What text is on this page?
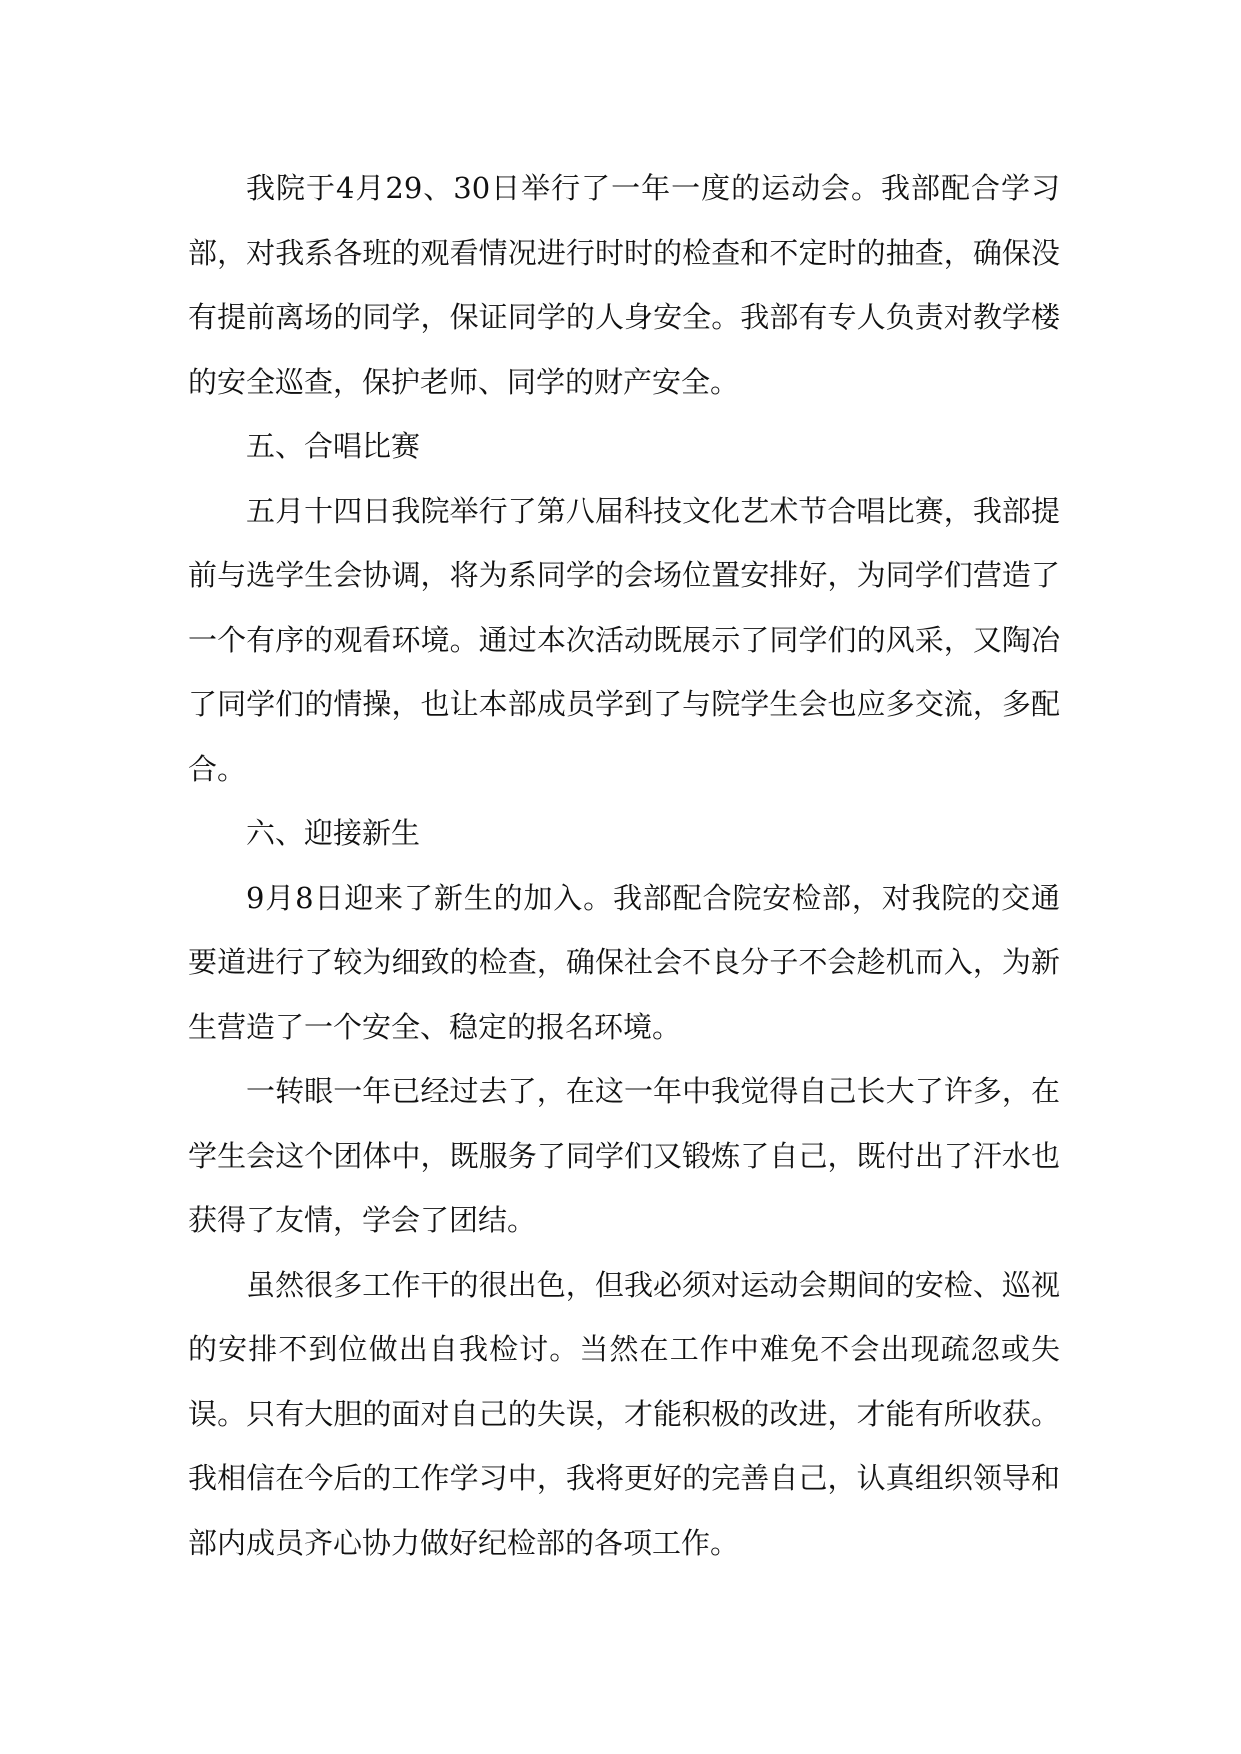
我院于4月29、30日举行了一年一度的运动会。我部配合学习部，对我系各班的观看情况进行时时的检查和不定时的抽查，确保没有提前离场的同学，保证同学的人身安全。我部有专人负责对教学楼的安全巡查，保护老师、同学的财产安全。

五、合唱比赛

五月十四日我院举行了第八届科技文化艺术节合唱比赛，我部提前与选学生会协调，将为系同学的会场位置安排好，为同学们营造了一个有序的观看环境。通过本次活动既展示了同学们的风采，又陶冶了同学们的情操，也让本部成员学到了与院学生会也应多交流，多配合。

六、迎接新生

9月8日迎来了新生的加入。我部配合院安检部，对我院的交通要道进行了较为细致的检查，确保社会不良分子不会趁机而入，为新生营造了一个安全、稳定的报名环境。

一转眼一年已经过去了，在这一年中我觉得自己长大了许多，在学生会这个团体中，既服务了同学们又锻炼了自己，既付出了汗水也获得了友情，学会了团结。

虽然很多工作干的很出色，但我必须对运动会期间的安检、巡视的安排不到位做出自我检讨。当然在工作中难免不会出现疏忽或失误。只有大胆的面对自己的失误，才能积极的改进，才能有所收获。我相信在今后的工作学习中，我将更好的完善自己，认真组织领导和部内成员齐心协力做好纪检部的各项工作。
